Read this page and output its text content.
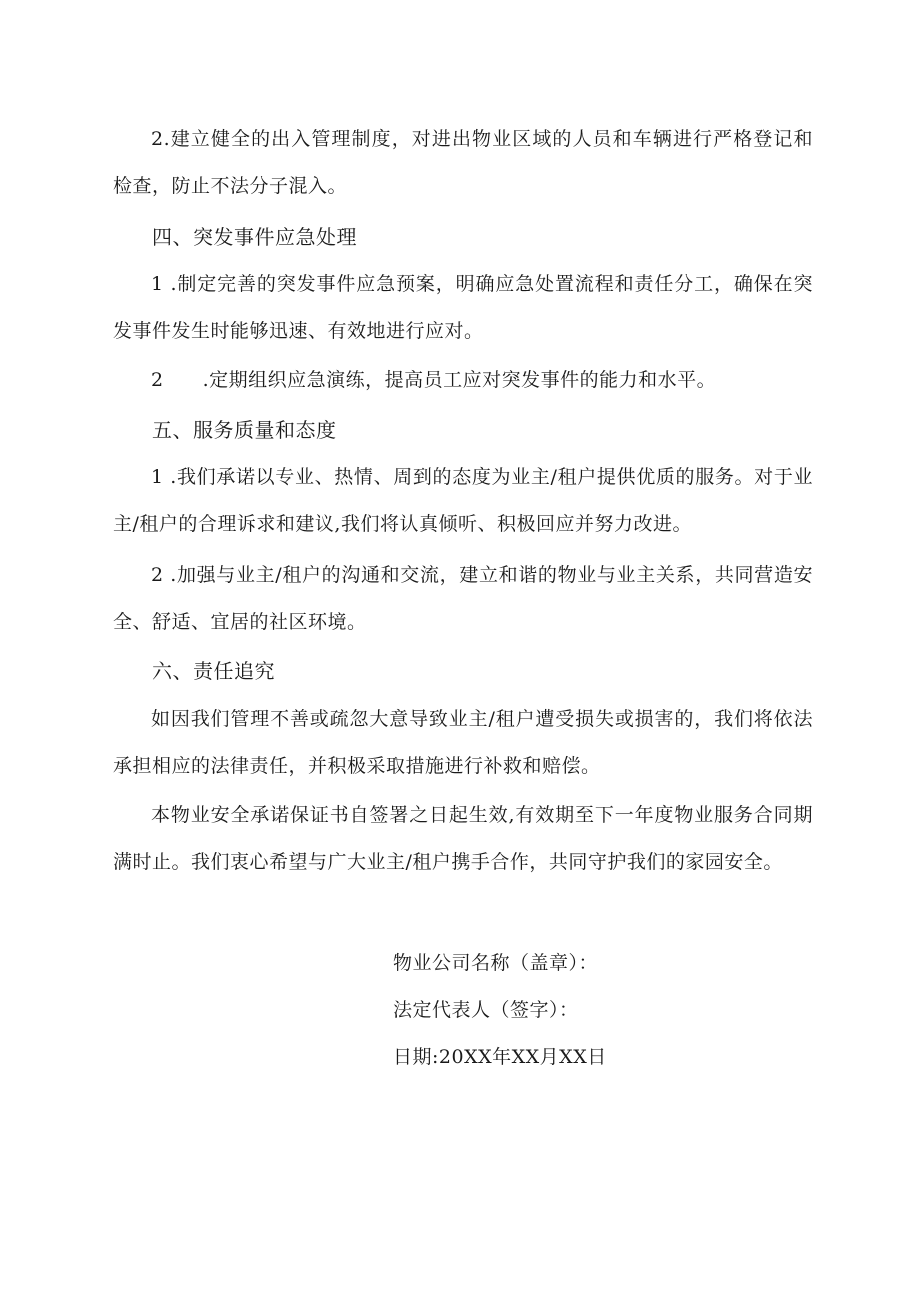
2.建立健全的出入管理制度，对进出物业区域的人员和车辆进行严格登记和检查，防止不法分子混入。

四、突发事件应急处理

1 .制定完善的突发事件应急预案，明确应急处置流程和责任分工，确保在突发事件发生时能够迅速、有效地进行应对。

2　　.定期组织应急演练，提高员工应对突发事件的能力和水平。

五、服务质量和态度

1 .我们承诺以专业、热情、周到的态度为业主/租户提供优质的服务。对于业主/租户的合理诉求和建议,我们将认真倾听、积极回应并努力改进。

2 .加强与业主/租户的沟通和交流，建立和谐的物业与业主关系，共同营造安全、舒适、宜居的社区环境。

六、责任追究

如因我们管理不善或疏忽大意导致业主/租户遭受损失或损害的，我们将依法承担相应的法律责任，并积极采取措施进行补救和赔偿。

本物业安全承诺保证书自签署之日起生效,有效期至下一年度物业服务合同期满时止。我们衷心希望与广大业主/租户携手合作，共同守护我们的家园安全。

物业公司名称（盖章）：

法定代表人（签字）：

日期:20XX年XX月XX日
